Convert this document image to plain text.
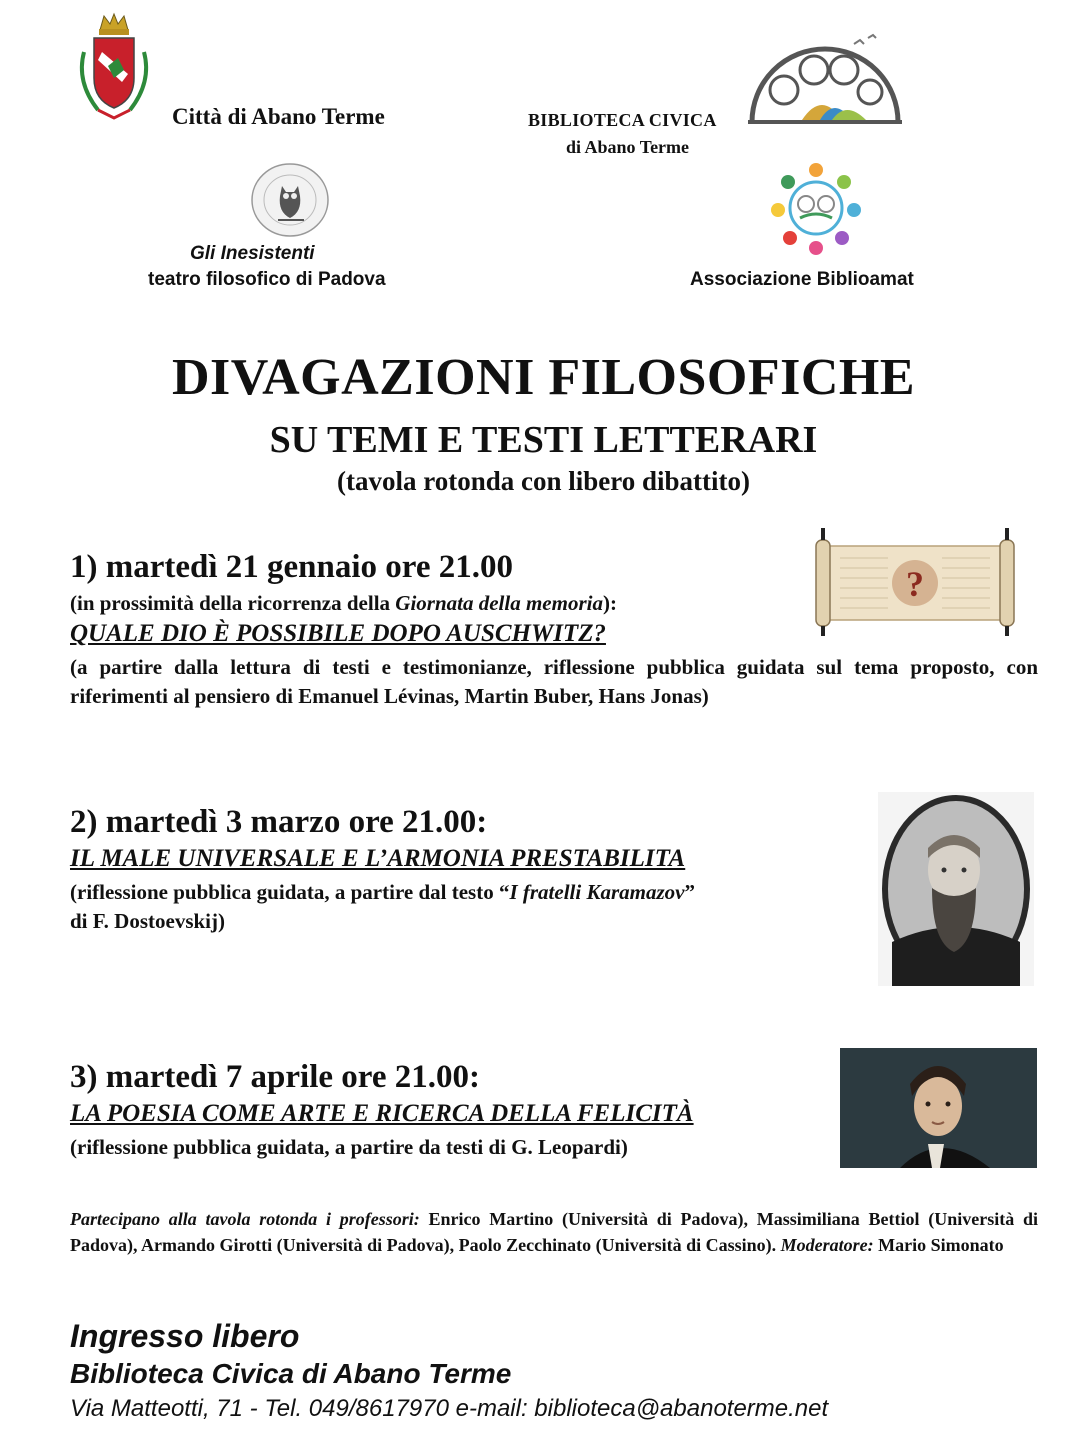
Città di Abano Terme	BIBLIOTECA CIVICA
di Abano Terme
Gli Inesistenti
teatro filosofico di Padova	Associazione Biblioamat
DIVAGAZIONI FILOSOFICHE
SU TEMI E TESTI LETTERARI
(tavola rotonda con libero dibattito)
1) martedì 21 gennaio ore 21.00
(in prossimità della ricorrenza della Giornata della memoria):
QUALE DIO È POSSIBILE DOPO AUSCHWITZ?
(a partire dalla lettura di testi e testimonianze, riflessione pubblica guidata sul tema proposto, con riferimenti al pensiero di Emanuel Lévinas, Martin Buber, Hans Jonas)
?
2) martedì 3 marzo ore 21.00:
IL MALE UNIVERSALE E L’ARMONIA PRESTABILITA
(riflessione pubblica guidata, a partire dal testo “I fratelli Karamazov”
di F. Dostoevskij)
3) martedì 7 aprile ore 21.00:
LA POESIA COME ARTE E RICERCA DELLA FELICITÀ
(riflessione pubblica guidata, a partire da testi di G. Leopardi)
Partecipano alla tavola rotonda i professori: Enrico Martino (Università di Padova), Massimiliana Bettiol (Università di Padova), Armando Girotti (Università di Padova), Paolo Zecchinato (Università di Cassino). Moderatore: Mario Simonato
Ingresso libero
Biblioteca Civica di Abano Terme
Via Matteotti, 71 - Tel. 049/8617970 e-mail: biblioteca@abanoterme.net
